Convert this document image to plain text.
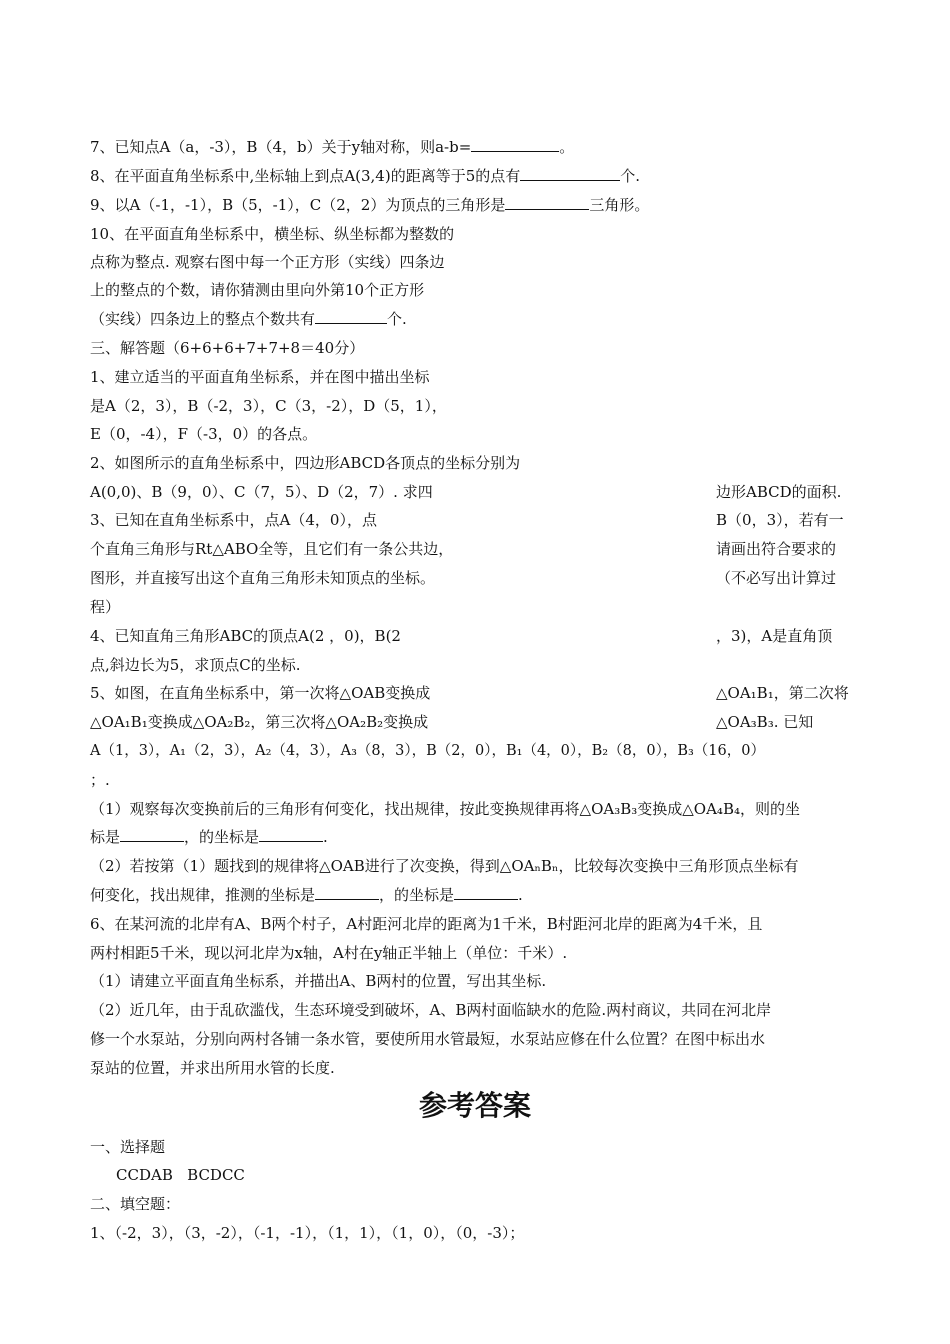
7、已知点A（a，-3），B（4，b）关于y轴对称，则a-b=	。
8、在平面直角坐标系中,坐标轴上到点A(3,4)的距离等于5的点有	个.
9、以A（-1，-1），B（5，-1），C（2，2）为顶点的三角形是	三角形。
10、在平面直角坐标系中，横坐标、纵坐标都为整数的
点称为整点. 观察右图中每一个正方形（实线）四条边
上的整点的个数，请你猜测由里向外第10个正方形
（实线）四条边上的整点个数共有	个.
三、解答题（6+6+6+7+7+8＝40分）
1、建立适当的平面直角坐标系，并在图中描出坐标
是A（2，3），B（-2，3），C（3，-2），D（5，1），
E（0，-4），F（-3，0）的各点。
2、如图所示的直角坐标系中，四边形ABCD各顶点的坐标分别为
A(0,0)、B（9，0）、C（7，5）、D（2，7）. 求四	边形ABCD的面积.
3、已知在直角坐标系中，点A（4，0），点	B（0，3），若有一
个直角三角形与Rt△ABO全等，且它们有一条公共边，	请画出符合要求的
图形，并直接写出这个直角三角形未知顶点的坐标。	（不必写出计算过
程）
4、已知直角三角形ABC的顶点A(2 ，0)，B(2	，3)，A是直角顶
点,斜边长为5，求顶点C的坐标.
5、如图，在直角坐标系中，第一次将△OAB变换成	△OA₁B₁，第二次将
△OA₁B₁变换成△OA₂B₂，第三次将△OA₂B₂变换成	△OA₃B₃. 已知
A（1，3），A₁（2，3），A₂（4，3），A₃（8，3），B（2，0），B₁（4，0），B₂（8，0），B₃（16，0）
；.
（1）观察每次变换前后的三角形有何变化，找出规律，按此变换规律再将△OA₃B₃变换成△OA₄B₄，则的坐
标是	，的坐标是	.
（2）若按第（1）题找到的规律将△OAB进行了次变换，得到△OAₙBₙ，比较每次变换中三角形顶点坐标有
何变化，找出规律，推测的坐标是	，的坐标是	.
6、在某河流的北岸有A、B两个村子，A村距河北岸的距离为1千米，B村距河北岸的距离为4千米，且
两村相距5千米，现以河北岸为x轴，A村在y轴正半轴上（单位：千米）.
（1）请建立平面直角坐标系，并描出A、B两村的位置，写出其坐标.
（2）近几年，由于乱砍滥伐，生态环境受到破坏，A、B两村面临缺水的危险.两村商议，共同在河北岸
修一个水泵站，分别向两村各铺一条水管，要使所用水管最短，水泵站应修在什么位置？在图中标出水
泵站的位置，并求出所用水管的长度.
参考答案
一、选择题
CCDAB   BCDCC
二、填空题：
1、（-2，3），（3，-2），（-1，-1），（1，1），（1，0），（0，-3）；
